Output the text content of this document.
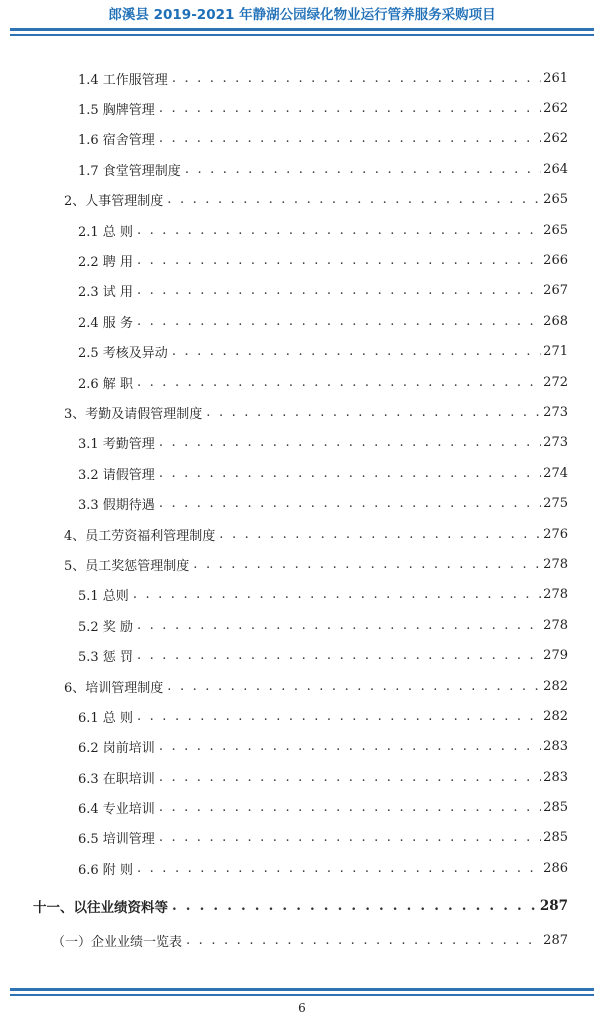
郎溪县 2019-2021 年静湖公园绿化物业运行管养服务采购项目
1.4 工作服管理 . . .	261
1.5 胸牌管理 . . .	262
1.6 宿舍管理 . . .	262
1.7 食堂管理制度 . . .	264
2、人事管理制度 . . .	265
2.1 总 则 . . .	265
2.2 聘 用 . . .	266
2.3 试 用 . . .	267
2.4 服 务 . . .	268
2.5 考核及异动 . . .	271
2.6 解 职 . . .	272
3、考勤及请假管理制度 . . .	273
3.1 考勤管理 . . .	273
3.2 请假管理 . . .	274
3.3 假期待遇 . . .	275
4、员工劳资福利管理制度 . . .	276
5、员工奖惩管理制度 . . .	278
5.1 总则 . . .	278
5.2 奖 励 . . .	278
5.3 惩 罚 . . .	279
6、培训管理制度 . . .	282
6.1 总 则 . . .	282
6.2 岗前培训 . . .	283
6.3 在职培训 . . .	283
6.4 专业培训 . . .	285
6.5 培训管理 . . .	285
6.6 附 则 . . .	286
十一、以往业绩资料等 . . .	287
（一）企业业绩一览表 . . .	287
6
